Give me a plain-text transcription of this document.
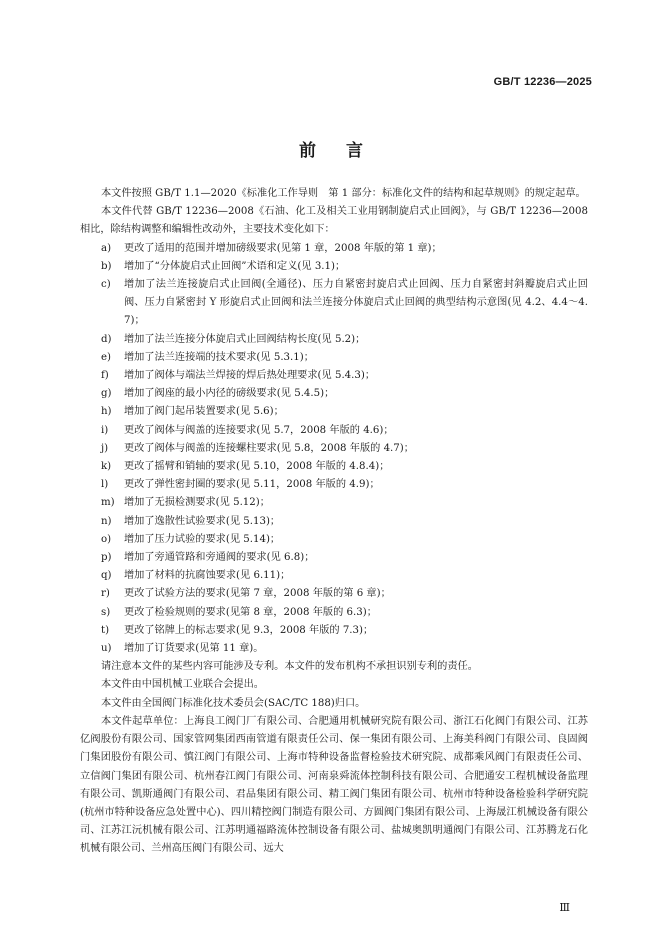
GB/T 12236—2025
前言

本文件按照 GB/T 1.1—2020《标准化工作导则　第 1 部分：标准化文件的结构和起草规则》的规定起草。

本文件代替 GB/T 12236—2008《石油、化工及相关工业用钢制旋启式止回阀》，与 GB/T 12236—2008 相比，除结构调整和编辑性改动外，主要技术变化如下：

a)	更改了适用的范围并增加磅级要求(见第 1 章，2008 年版的第 1 章)；
b)	增加了“分体旋启式止回阀”术语和定义(见 3.1)；
c)	增加了法兰连接旋启式止回阀(全通径)、压力自紧密封旋启式止回阀、压力自紧密封斜瓣旋启式止回阀、压力自紧密封 Y 形旋启式止回阀和法兰连接分体旋启式止回阀的典型结构示意图(见 4.2、4.4～4.7)；
d)	增加了法兰连接分体旋启式止回阀结构长度(见 5.2)；
e)	增加了法兰连接端的技术要求(见 5.3.1)；
f)	增加了阀体与端法兰焊接的焊后热处理要求(见 5.4.3)；
g)	增加了阀座的最小内径的磅级要求(见 5.4.5)；
h)	增加了阀门起吊装置要求(见 5.6)；
i)	更改了阀体与阀盖的连接要求(见 5.7，2008 年版的 4.6)；
j)	更改了阀体与阀盖的连接螺柱要求(见 5.8，2008 年版的 4.7)；
k)	更改了摇臂和销轴的要求(见 5.10，2008 年版的 4.8.4)；
l)	更改了弹性密封圈的要求(见 5.11，2008 年版的 4.9)；
m) 增加了无损检测要求(见 5.12)；
n)	增加了逸散性试验要求(见 5.13)；
o)	增加了压力试验的要求(见 5.14)；
p)	增加了旁通管路和旁通阀的要求(见 6.8)；
q)	增加了材料的抗腐蚀要求(见 6.11)；
r)	更改了试验方法的要求(见第 7 章，2008 年版的第 6 章)；
s)	更改了检验规则的要求(见第 8 章，2008 年版的 6.3)；
t)	更改了铭牌上的标志要求(见 9.3，2008 年版的 7.3)；
u)	增加了订货要求(见第 11 章)。

请注意本文件的某些内容可能涉及专利。本文件的发布机构不承担识别专利的责任。

本文件由中国机械工业联合会提出。

本文件由全国阀门标准化技术委员会(SAC/TC 188)归口。

本文件起草单位：上海良工阀门厂有限公司、合肥通用机械研究院有限公司、浙江石化阀门有限公司、江苏亿阀股份有限公司、国家管网集团西南管道有限责任公司、保一集团有限公司、上海美科阀门有限公司、良固阀门集团股份有限公司、慎江阀门有限公司、上海市特种设备监督检验技术研究院、成都乘风阀门有限责任公司、立信阀门集团有限公司、杭州春江阀门有限公司、河南泉舜流体控制科技有限公司、合肥通安工程机械设备监理有限公司、凯斯通阀门有限公司、君品集团有限公司、精工阀门集团有限公司、杭州市特种设备检验科学研究院(杭州市特种设备应急处置中心)、四川精控阀门制造有限公司、方圆阀门集团有限公司、上海晟江机械设备有限公司、江苏江沅机械有限公司、江苏明通福路流体控制设备有限公司、盐城奥凯明通阀门有限公司、江苏腾龙石化机械有限公司、兰州高压阀门有限公司、远大

Ⅲ
